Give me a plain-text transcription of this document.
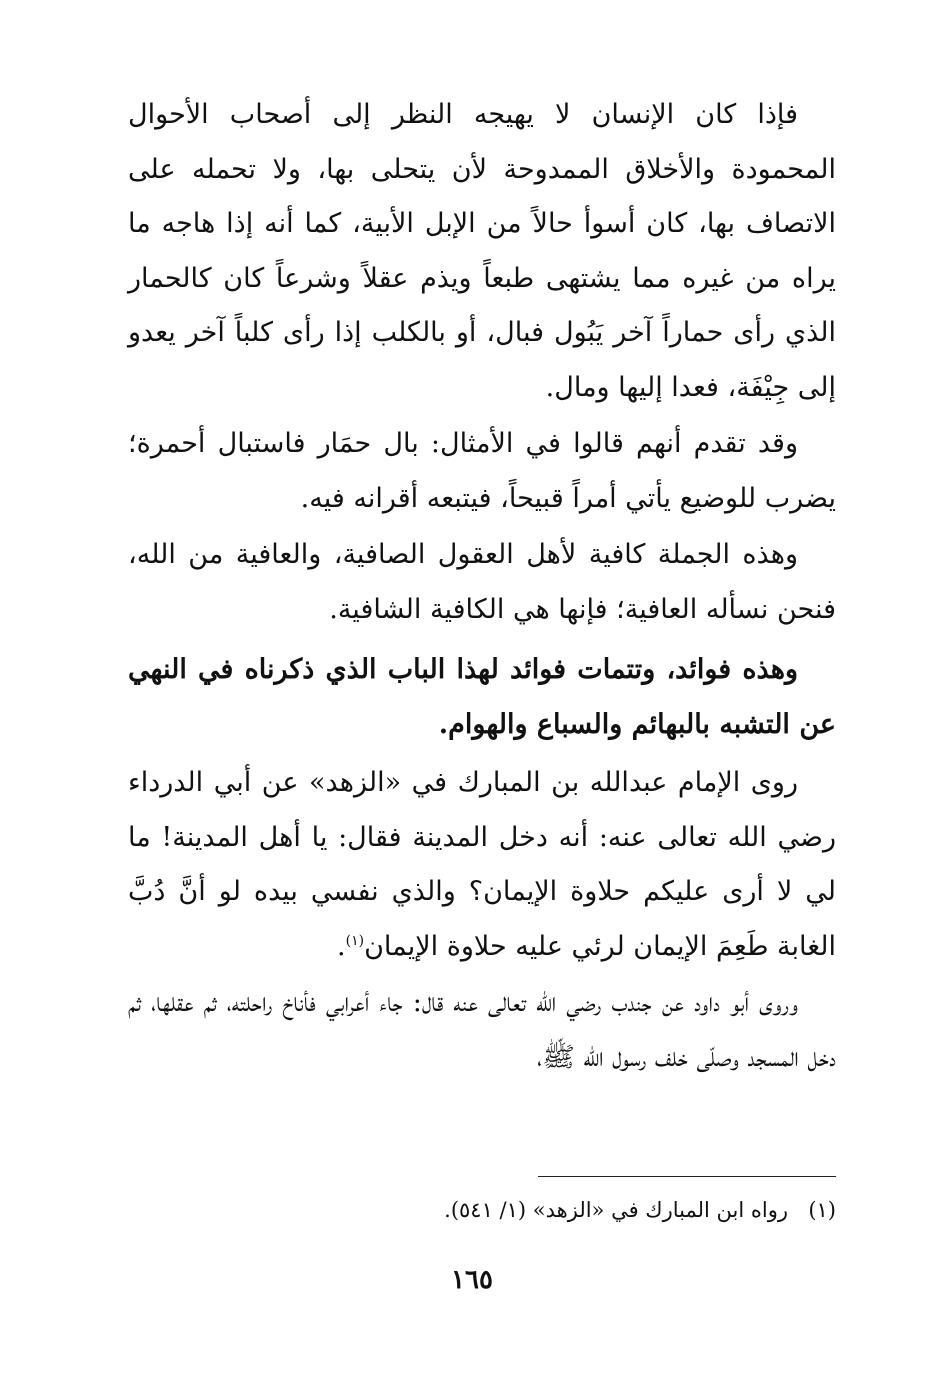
فإذا كان الإنسان لا يهيجه النظر إلى أصحاب الأحوال المحمودة والأخلاق الممدوحة لأن يتحلى بها، ولا تحمله على الاتصاف بها، كان أسوأ حالاً من الإبل الأبية، كما أنه إذا هاجه ما يراه من غيره مما يشتهى طبعاً ويذم عقلاً وشرعاً كان كالحمار الذي رأى حماراً آخر يَبُول فبال، أو بالكلب إذا رأى كلباً آخر يعدو إلى جِيْفَة، فعدا إليها ومال.

وقد تقدم أنهم قالوا في الأمثال: بال حمَار فاستبال أحمرة؛ يضرب للوضيع يأتي أمراً قبيحاً، فيتبعه أقرانه فيه.

وهذه الجملة كافية لأهل العقول الصافية، والعافية من الله، فنحن نسأله العافية؛ فإنها هي الكافية الشافية.

وهذه فوائد، وتتمات فوائد لهذا الباب الذي ذكرناه في النهي عن التشبه بالبهائم والسباع والهوام.

روى الإمام عبدالله بن المبارك في «الزهد» عن أبي الدرداء رضي الله تعالى عنه: أنه دخل المدينة فقال: يا أهل المدينة! ما لي لا أرى عليكم حلاوة الإيمان؟ والذي نفسي بيده لو أنَّ دُبَّ الغابة طَعِمَ الإيمان لرئي عليه حلاوة الإيمان$^{(١)}$.

وروى أبو داود عن جندب رضي الله تعالى عنه قال: جاء أعرابي فأناخ راحلته، ثم عقلها، ثم دخل المسجد وصلّى خلف رسول الله ﷺ،

(١)رواه ابن المبارك في «الزهد» (١/ ٥٤١).

١٦٥
